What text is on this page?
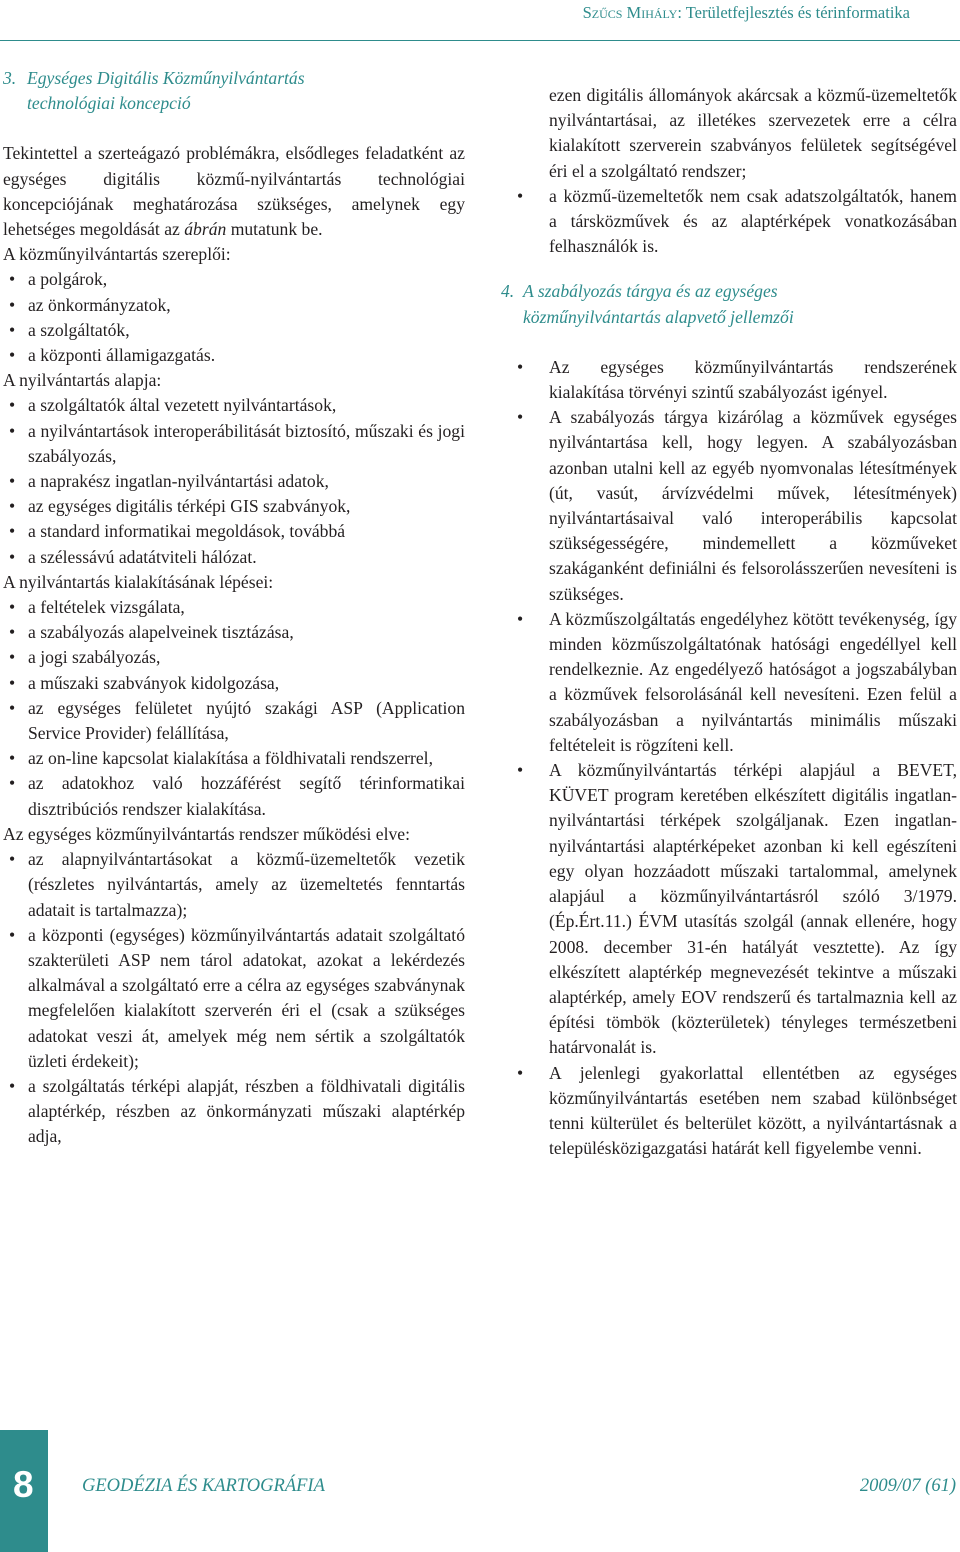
Szűcs Mihály: Területfejlesztés és térinformatika
3. Egységes Digitális Közműnyilvántartás
technológiai koncepció

Tekintettel a szerteágazó problémákra, elsődleges feladatként az egységes digitális közmű-nyilvántartás technológiai koncepciójának meghatározása szükséges, amelynek egy lehetséges megoldását az ábrán mutatunk be.

A közműnyilvántartás szereplői:

• a polgárok,
• az önkormányzatok,
• a szolgáltatók,
• a központi államigazgatás.

A nyilvántartás alapja:

• a szolgáltatók által vezetett nyilvántartások,
• a nyilvántartások interoperábilitását biztosító, műszaki és jogi szabályozás,
• a naprakész ingatlan-nyilvántartási adatok,
• az egységes digitális térképi GIS szabványok,
• a standard informatikai megoldások, továbbá
• a szélessávú adatátviteli hálózat.

A nyilvántartás kialakításának lépései:

• a feltételek vizsgálata,
• a szabályozás alapelveinek tisztázása,
• a jogi szabályozás,
• a műszaki szabványok kidolgozása,
• az egységes felületet nyújtó szakági ASP (Application Service Provider) felállítása,
• az on-line kapcsolat kialakítása a földhivatali rendszerrel,
• az adatokhoz való hozzáférést segítő térinformatikai disztribúciós rendszer kialakítása.

Az egységes közműnyilvántartás rendszer működési elve:

• az alapnyilvántartásokat a közmű-üzemeltetők vezetik (részletes nyilvántartás, amely az üzemeltetés fenntartás adatait is tartalmazza);
• a központi (egységes) közműnyilvántartás adatait szolgáltató szakterületi ASP nem tárol adatokat, azokat a lekérdezés alkalmával a szolgáltató erre a célra az egységes szabványnak megfelelően kialakított szerverén éri el (csak a szükséges adatokat veszi át, amelyek még nem sértik a szolgáltatók üzleti érdekeit);
• a szolgáltatás térképi alapját, részben a földhivatali digitális alaptérkép, részben az önkormányzati műszaki alaptérkép adja,
ezen digitális állományok akárcsak a közmű-üzemeltetők nyilvántartásai, az illetékes szervezetek erre a célra kialakított szerverein szabványos felületek segítségével éri el a szolgáltató rendszer;
• a közmű-üzemeltetők nem csak adatszolgáltatók, hanem a társközművek és az alaptérképek vonatkozásában felhasználók is.
4. A szabályozás tárgya és az egységes
közműnyilvántartás alapvető jellemzői
• Az egységes közműnyilvántartás rendszerének kialakítása törvényi szintű szabályozást igényel.
• A szabályozás tárgya kizárólag a közművek egységes nyilvántartása kell, hogy legyen. A szabályozásban azonban utalni kell az egyéb nyomvonalas létesítmények (út, vasút, árvízvédelmi művek, létesítmények) nyilvántartásaival való interoperábilis kapcsolat szükségességére, mindemellett a közműveket szakáganként definiálni és felsorolásszerűen nevesíteni is szükséges.
• A közműszolgáltatás engedélyhez kötött tevékenység, így minden közműszolgáltatónak hatósági engedéllyel kell rendelkeznie. Az engedélyező hatóságot a jogszabályban a közművek felsorolásánál kell nevesíteni. Ezen felül a szabályozásban a nyilvántartás minimális műszaki feltételeit is rögzíteni kell.
• A közműnyilvántartás térképi alapjául a BEVET, KÜVET program keretében elkészített digitális ingatlan-nyilvántartási térképek szolgáljanak. Ezen ingatlan-nyilvántartási alaptérképeket azonban ki kell egészíteni egy olyan hozzáadott műszaki tartalommal, amelynek alapjául a közműnyilvántartásról szóló 3/1979. (Ép.Ért.11.) ÉVM utasítás szolgál (annak ellenére, hogy 2008. december 31-én hatályát vesztette). Az így elkészített alaptérkép megnevezését tekintve a műszaki alaptérkép, amely EOV rendszerű és tartalmaznia kell az építési tömbök (közterületek) tényleges természetbeni határvonalát is.
• A jelenlegi gyakorlattal ellentétben az egységes közműnyilvántartás esetében nem szabad különbséget tenni külterület és belterület között, a nyilvántartásnak a településközigazgatási határát kell figyelembe venni.
8	GEODÉZIA ÉS KARTOGRÁFIA	2009/07 (61)
